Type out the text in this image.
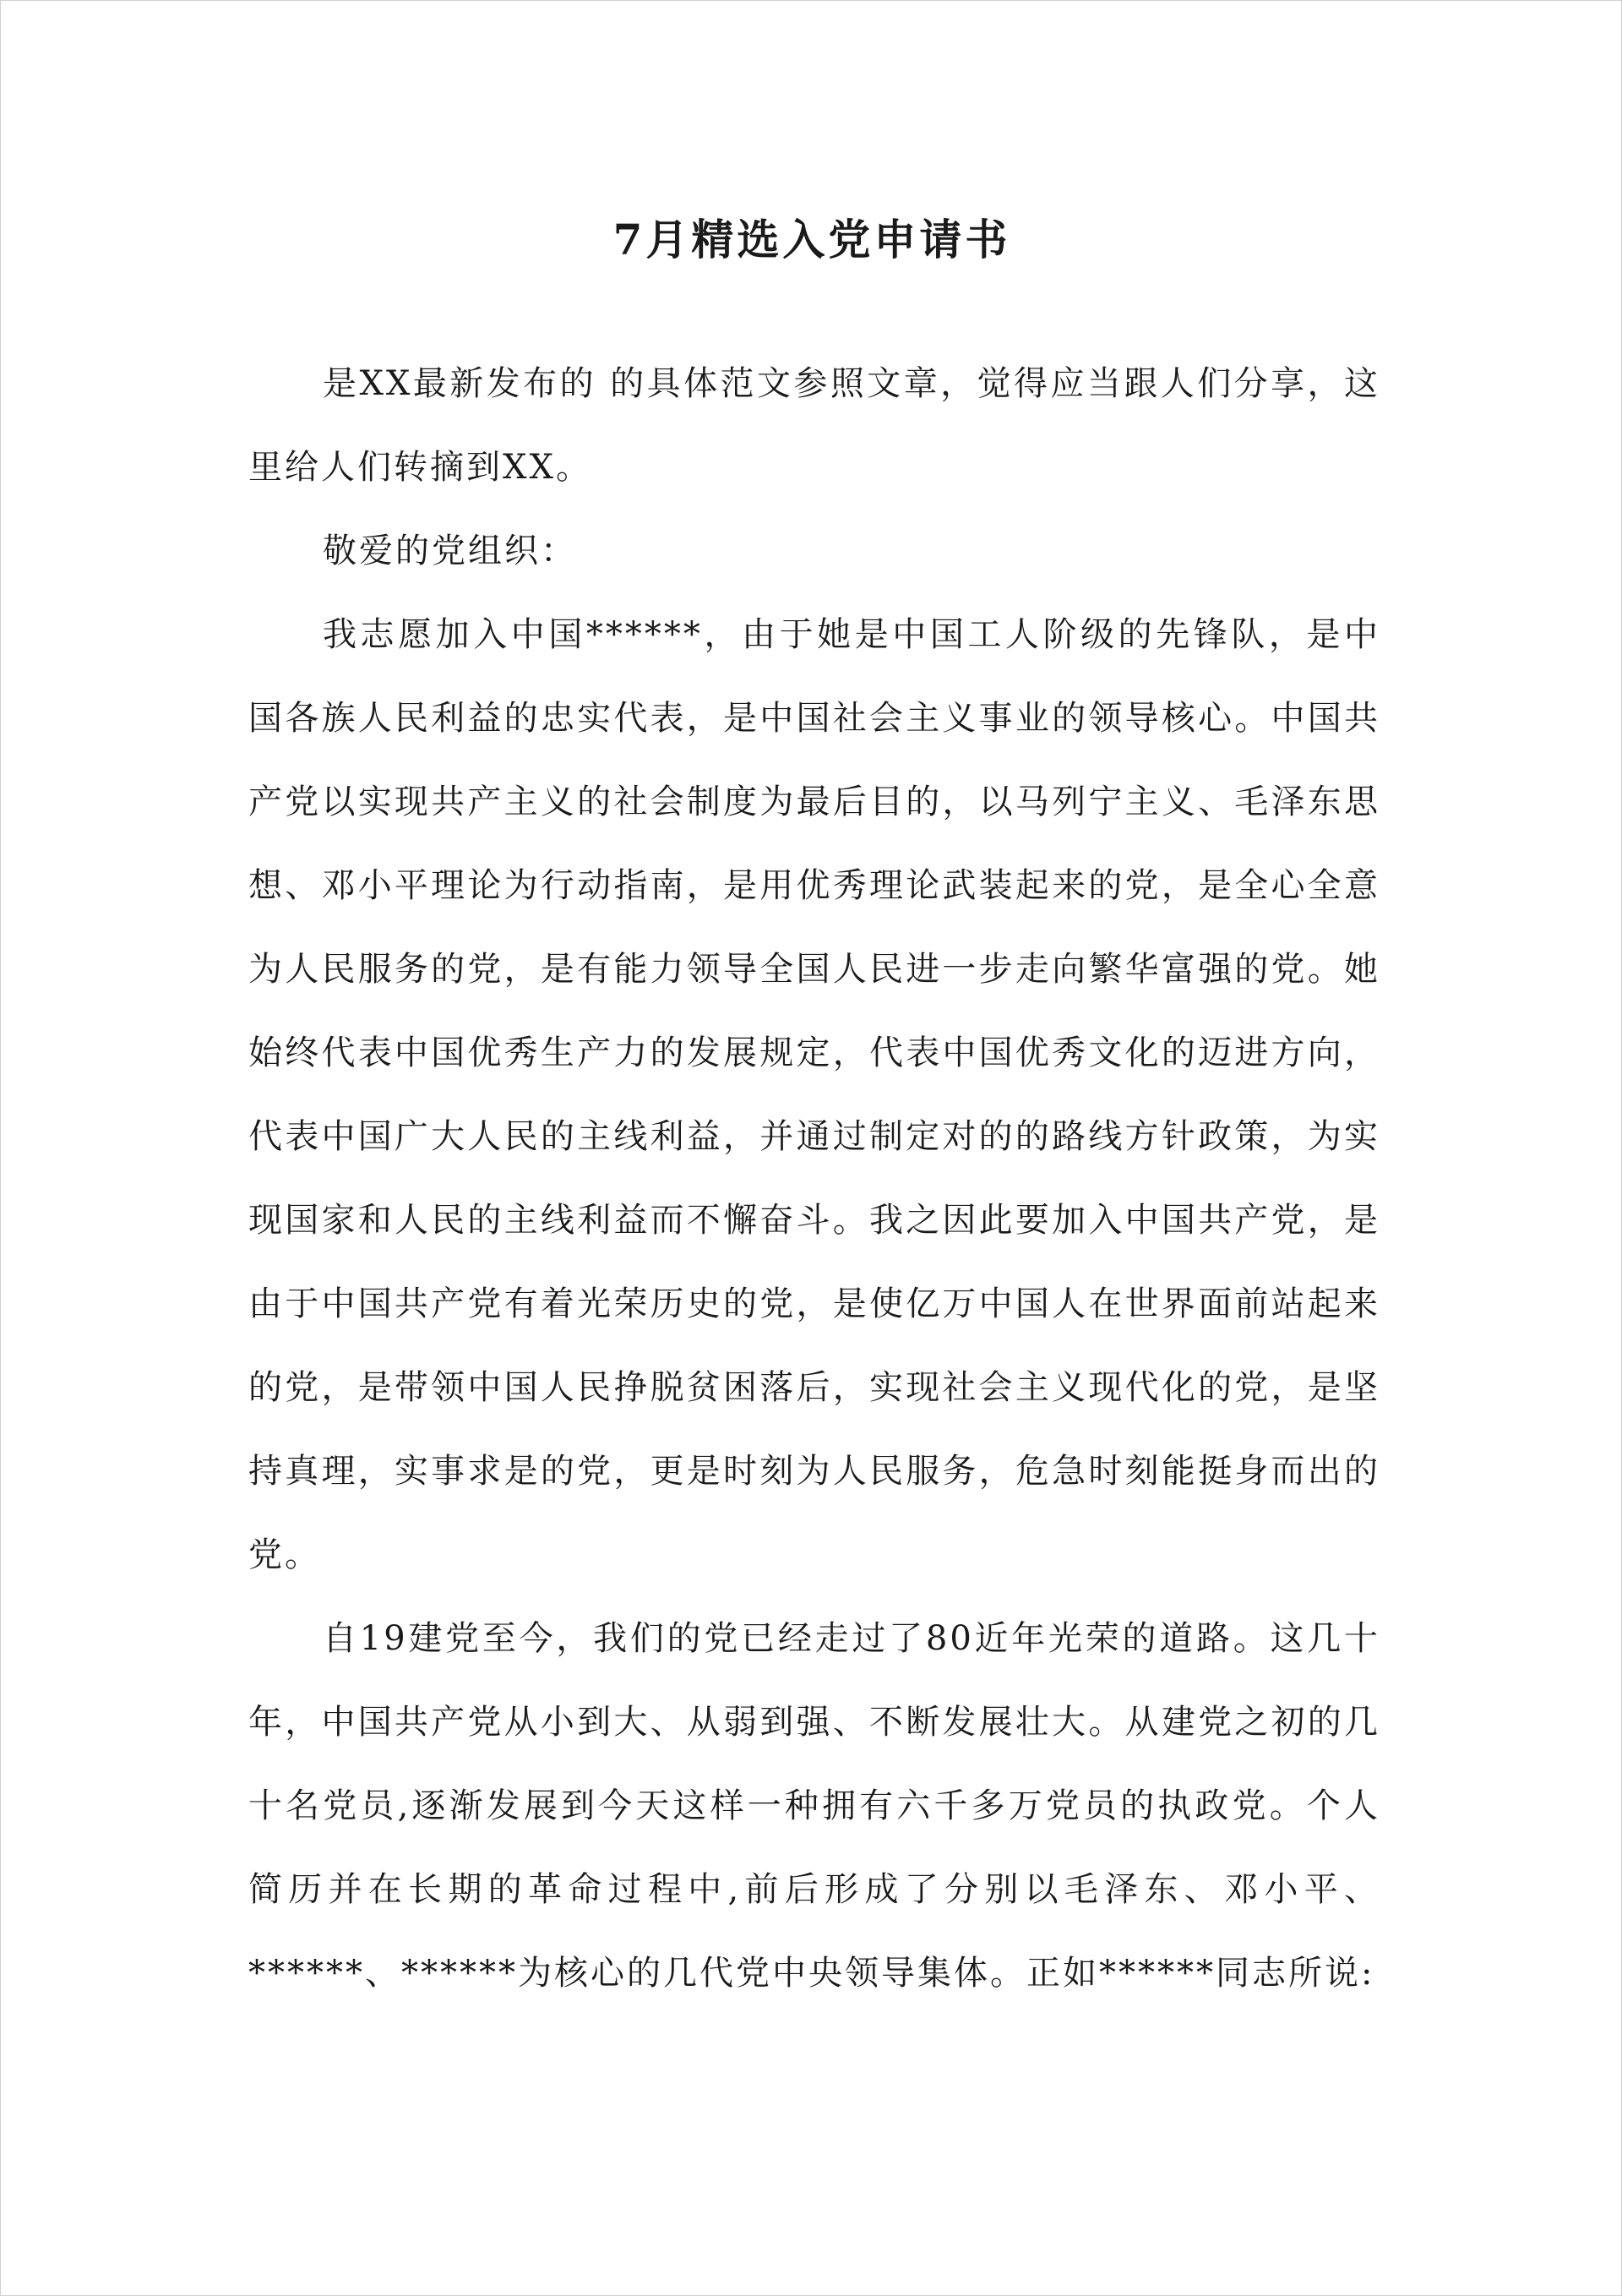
7月精选入党申请书

是XX最新发布的 的具体范文参照文章，觉得应当跟人们分享，这里给人们转摘到XX。

敬爱的党组织：

我志愿加入中国******，由于她是中国工人阶级的先锋队，是中国各族人民利益的忠实代表，是中国社会主义事业的领导核心。中国共产党以实现共产主义的社会制度为最后目的，以马列宁主义、毛泽东思想、邓小平理论为行动指南，是用优秀理论武装起来的党，是全心全意为人民服务的党，是有能力领导全国人民进一步走向繁华富强的党。她始终代表中国优秀生产力的发展规定，代表中国优秀文化的迈进方向，代表中国广大人民的主线利益，并通过制定对的的路线方针政策，为实现国家和人民的主线利益而不懈奋斗。我之因此要加入中国共产党，是由于中国共产党有着光荣历史的党，是使亿万中国人在世界面前站起来的党，是带领中国人民挣脱贫困落后，实现社会主义现代化的党，是坚持真理，实事求是的党，更是时刻为人民服务，危急时刻能挺身而出的党。

自19建党至今，我们的党已经走过了80近年光荣的道路。这几十年，中国共产党从小到大、从弱到强、不断发展壮大。从建党之初的几十名党员,逐渐发展到今天这样一种拥有六千多万党员的执政党。个人简历并在长期的革命过程中,前后形成了分别以毛泽东、邓小平、******、******为核心的几代党中央领导集体。正如******同志所说:
